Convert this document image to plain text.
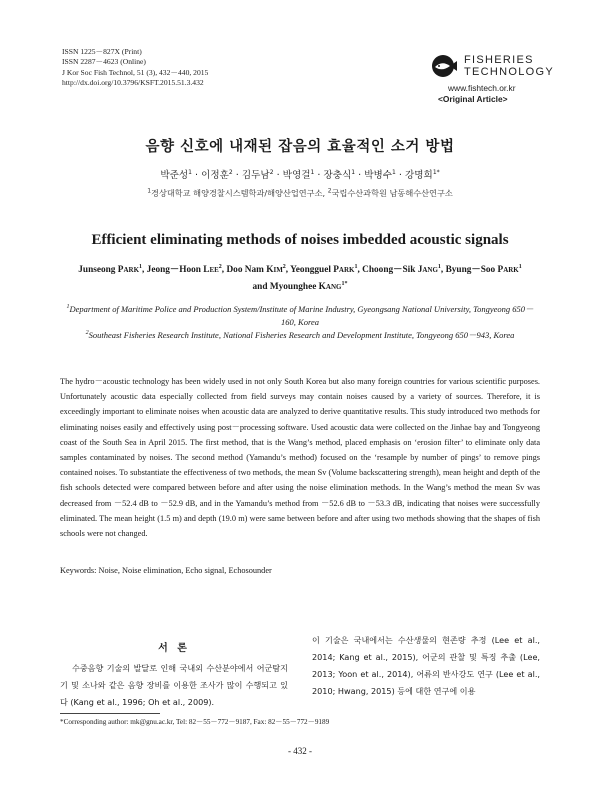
ISSN 1225－827X (Print)
ISSN 2287－4623 (Online)
J Kor Soc Fish Technol, 51 (3), 432－440, 2015
http://dx.doi.org/10.3796/KSFT.2015.51.3.432
FISHERIES
TECHNOLOGY
www.fishtech.or.kr
<Original Article>
음향 신호에 내재된 잡음의 효율적인 소거 방법
박준성$^1$ · 이정훈$^2$ · 김두남$^2$ · 박영걸$^1$ · 장충식$^1$ · 박병수$^1$ · 강명희$^{1*}$
$^1$경상대학교 해양경찰시스템학과/해양산업연구소, $^2$국립수산과학원 남동해수산연구소
Efficient eliminating methods of noises imbedded acoustic signals
Junseong Park$^1$, Jeong－Hoon Lee$^2$, Doo Nam Kim$^2$, Yeongguel Park$^1$, Choong－Sik Jang$^1$, Byung－Soo Park$^1$
and Myounghee Kang$^{1*}$
$^1$Department of Maritime Police and Production System/Institute of Marine Industry, Gyeongsang National University, Tongyeong 650－160, Korea
$^2$Southeast Fisheries Research Institute, National Fisheries Research and Development Institute, Tongyeong 650－943, Korea
The hydro－acoustic technology has been widely used in not only South Korea but also many foreign countries for various scientific purposes. Unfortunately acoustic data especially collected from field surveys may contain noises caused by a variety of sources. Therefore, it is exceedingly important to eliminate noises when acoustic data are analyzed to derive quantitative results. This study introduced two methods for eliminating noises easily and effectively using post－processing software. Used acoustic data were collected on the Jinhae bay and Tongyeong coast of the South Sea in April 2015. The first method, that is the Wang’s method, placed emphasis on ‘erosion filter’ to eliminate only data samples contaminated by noises. The second method (Yamandu’s method) focused on the ‘resample by number of pings’ to remove pings contained noises. To substantiate the effectiveness of two methods, the mean Sv (Volume backscattering strength), mean height and depth of the fish schools detected were compared between before and after using the noise elimination methods. In the Wang’s method the mean Sv was decreased from －52.4 dB to －52.9 dB, and in the Yamandu’s method from －52.6 dB to －53.3 dB, indicating that noises were successfully eliminated. The mean height (1.5 m) and depth (19.0 m) were same between before and after using two methods showing that the shapes of fish schools were not changed.
Keywords: Noise, Noise elimination, Echo signal, Echosounder
서 론
수중음향 기술의 발달로 인해 국내외 수산분야에서 어군탐지기 및 소나와 같은 음향 장비를 이용한 조사가 많이 수행되고 있다 (Kang et al., 1996; Oh et al., 2009).
이 기술은 국내에서는 수산생물의 현존량 추정 (Lee et al., 2014; Kang et al., 2015), 어군의 관찰 및 특징 추출 (Lee, 2013; Yoon et al., 2014), 어류의 반사강도 연구 (Lee et al., 2010; Hwang, 2015) 등에 대한 연구에 이용
*Corresponding author: mk@gnu.ac.kr, Tel: 82－55－772－9187, Fax: 82－55－772－9189
- 432 -
